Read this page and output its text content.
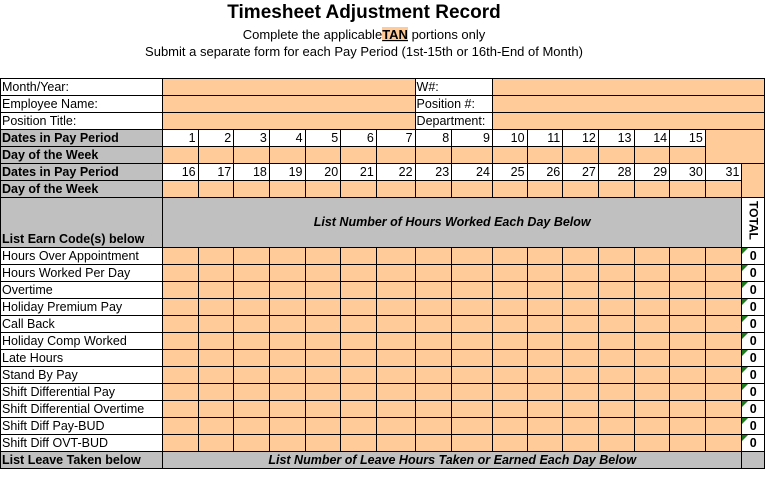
Timesheet Adjustment Record
Complete the applicableTAN portions only
Submit a separate form for each Pay Period (1st-15th or 16th-End of Month)
Month/Year:								W#:									
Employee Name:								Position #:									
Position Title:								Department:									
Dates in Pay Period	1	2	3	4	5	6	7	8	9	10	11	12	13	14	15		
Day of the Week																	
Dates in Pay Period	16	17	18	19	20	21	22	23	24	25	26	27	28	29	30	31	
Day of the Week																	
List Earn Code(s) below	List Number of Hours Worked Each Day Below																TOTAL
Hours Over Appointment																	0
Hours Worked Per Day																	0
Overtime																	0
Holiday Premium Pay																	0
Call Back																	0
Holiday Comp Worked																	0
Late Hours																	0
Stand By Pay																	0
Shift Differential Pay																	0
Shift Differential Overtime																	0
Shift Diff Pay-BUD																	0
Shift Diff OVT-BUD																	0
List Leave Taken below	List Number of Leave Hours Taken or Earned Each Day Below																
